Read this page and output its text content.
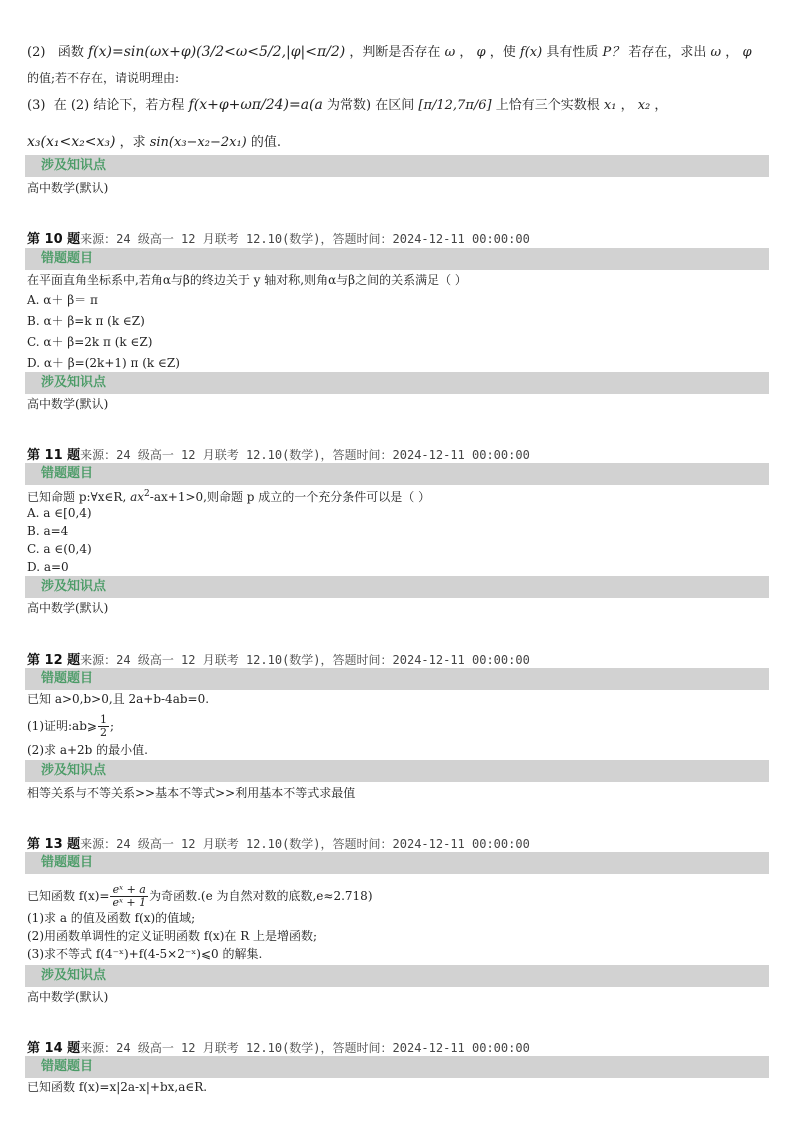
(2) 函数 f(x)=sin(ωx+φ)(3/2<ω<5/2,|φ|<π/2) ，判断是否存在 ω ， φ ，使 f(x) 具有性质 P？ 若存在，求出 ω ， φ
的值;若不存在，请说明理由:
(3) 在 (2) 结论下，若方程 f(x+φ+ωπ/24)=a(a 为常数) 在区间 [π/12,7π/6] 上恰有三个实数根 x₁ ， x₂ ，
x₃(x₁<x₂<x₃) ，求 sin(x₃−x₂−2x₁) 的值.
涉及知识点
高中数学(默认)
第 10 题来源：24 级高一 12 月联考 12.10(数学)，答题时间：2024-12-11 00:00:00
错题题目
在平面直角坐标系中,若角α与β的终边关于 y 轴对称,则角α与β之间的关系满足（ ）
A. α＋ β＝ π
B. α＋ β=k π (k ∈Z)
C. α＋ β=2k π (k ∈Z)
D. α＋ β=(2k+1) π (k ∈Z)
涉及知识点
高中数学(默认)
第 11 题来源：24 级高一 12 月联考 12.10(数学)，答题时间：2024-12-11 00:00:00
错题题目
已知命题 p:∀x∈R, $ax^2-ax+1>0$,则命题 p 成立的一个充分条件可以是（ ）
A. a ∈[0,4)
B. a=4
C. a ∈(0,4)
D. a=0
涉及知识点
高中数学(默认)
第 12 题来源：24 级高一 12 月联考 12.10(数学)，答题时间：2024-12-11 00:00:00
错题题目
已知 a>0,b>0,且 2a+b-4ab=0.
(1)证明:ab⩾ $\frac{1}{2}$ ;
(2)求 a+2b 的最小值.
涉及知识点
相等关系与不等关系>>基本不等式>>利用基本不等式求最值
第 13 题来源：24 级高一 12 月联考 12.10(数学)，答题时间：2024-12-11 00:00:00
错题题目
已知函数 $f(x)= \frac{\text{eˣ + a}}{\text{eˣ + 1}}$ 为奇函数.(e 为自然对数的底数,e≈2.718)
(1)求 a 的值及函数 f(x)的值域;
(2)用函数单调性的定义证明函数 f(x)在 R 上是增函数;
(3)求不等式 f(4⁻ˣ)+f(4-5×2⁻ˣ)⩽0 的解集.
涉及知识点
高中数学(默认)
第 14 题来源：24 级高一 12 月联考 12.10(数学)，答题时间：2024-12-11 00:00:00
错题题目
已知函数 f(x)=x|2a-x|+bx,a∈R.
